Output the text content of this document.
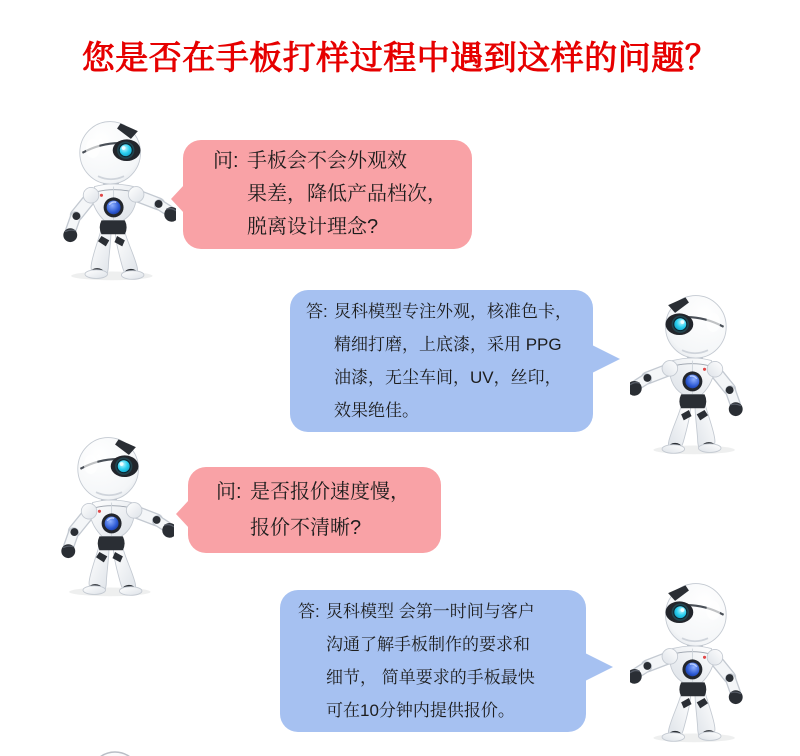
您是否在手板打样过程中遇到这样的问题？
问: 手板会不会外观效
果差，降低产品档次，
脱离设计理念?
答: 炅科模型专注外观，核准色卡，
精细打磨，上底漆，采用 PPG
油漆，无尘车间，UV，丝印，
效果绝佳。
问: 是否报价速度慢，
报价不清晰?
答: 炅科模型 会第一时间与客户
沟通了解手板制作的要求和
细节， 简单要求的手板最快
可在10分钟内提供报价。
